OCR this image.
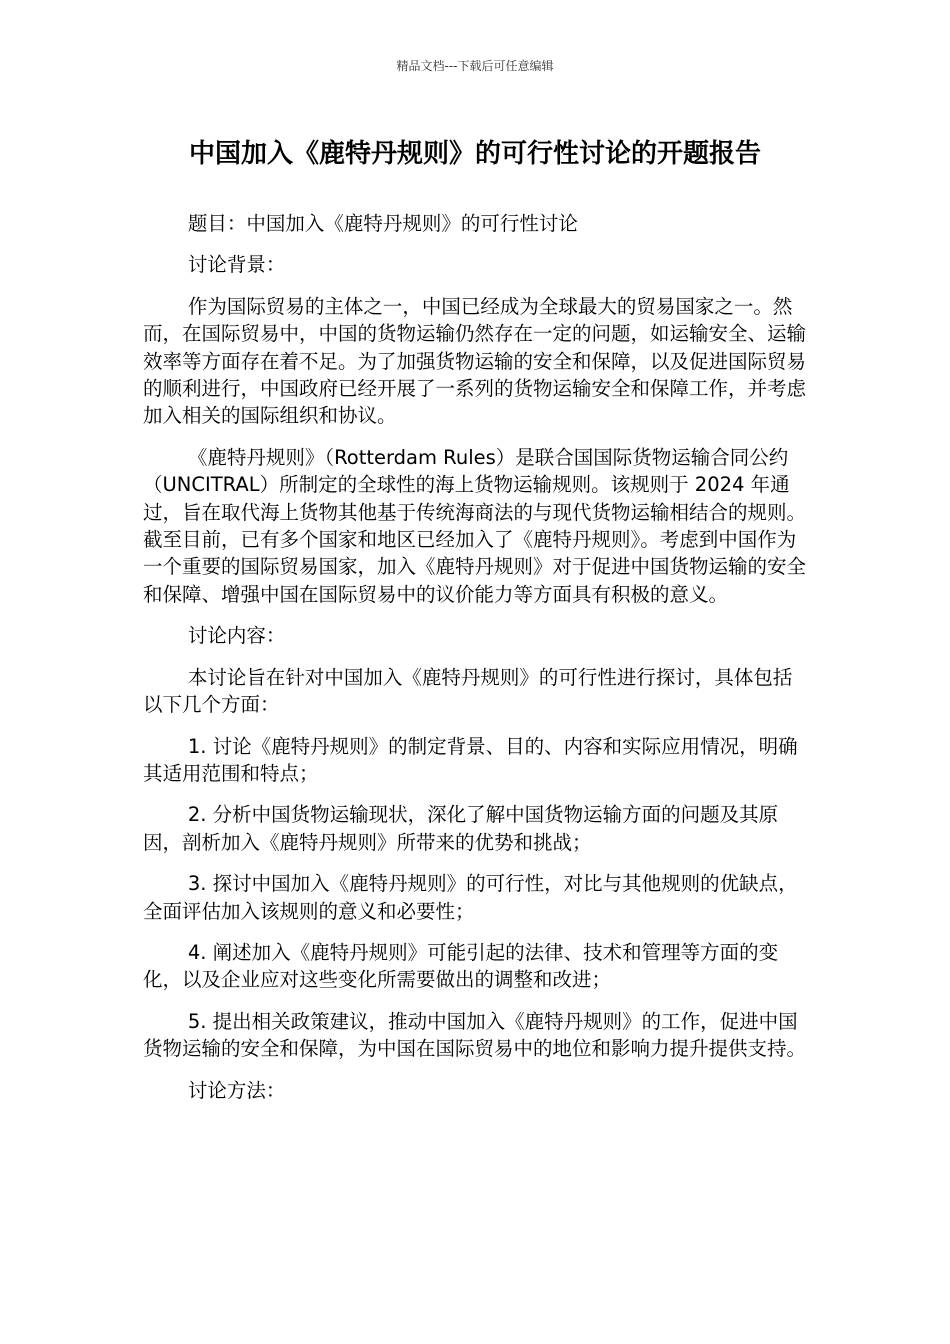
精品文档---下载后可任意编辑
中国加入《鹿特丹规则》的可行性讨论的开题报告

题目：中国加入《鹿特丹规则》的可行性讨论

讨论背景：

作为国际贸易的主体之一，中国已经成为全球最大的贸易国家之一。然而，在国际贸易中，中国的货物运输仍然存在一定的问题，如运输安全、运输效率等方面存在着不足。为了加强货物运输的安全和保障，以及促进国际贸易的顺利进行，中国政府已经开展了一系列的货物运输安全和保障工作，并考虑加入相关的国际组织和协议。

《鹿特丹规则》（Rotterdam Rules）是联合国国际货物运输合同公约（UNCITRAL）所制定的全球性的海上货物运输规则。该规则于 2024 年通过，旨在取代海上货物其他基于传统海商法的与现代货物运输相结合的规则。截至目前，已有多个国家和地区已经加入了《鹿特丹规则》。考虑到中国作为一个重要的国际贸易国家，加入《鹿特丹规则》对于促进中国货物运输的安全和保障、增强中国在国际贸易中的议价能力等方面具有积极的意义。

讨论内容：

本讨论旨在针对中国加入《鹿特丹规则》的可行性进行探讨，具体包括以下几个方面：

1. 讨论《鹿特丹规则》的制定背景、目的、内容和实际应用情况，明确其适用范围和特点；

2. 分析中国货物运输现状，深化了解中国货物运输方面的问题及其原因，剖析加入《鹿特丹规则》所带来的优势和挑战；

3. 探讨中国加入《鹿特丹规则》的可行性，对比与其他规则的优缺点，全面评估加入该规则的意义和必要性；

4. 阐述加入《鹿特丹规则》可能引起的法律、技术和管理等方面的变化，以及企业应对这些变化所需要做出的调整和改进；

5. 提出相关政策建议，推动中国加入《鹿特丹规则》的工作，促进中国货物运输的安全和保障，为中国在国际贸易中的地位和影响力提升提供支持。

讨论方法：
